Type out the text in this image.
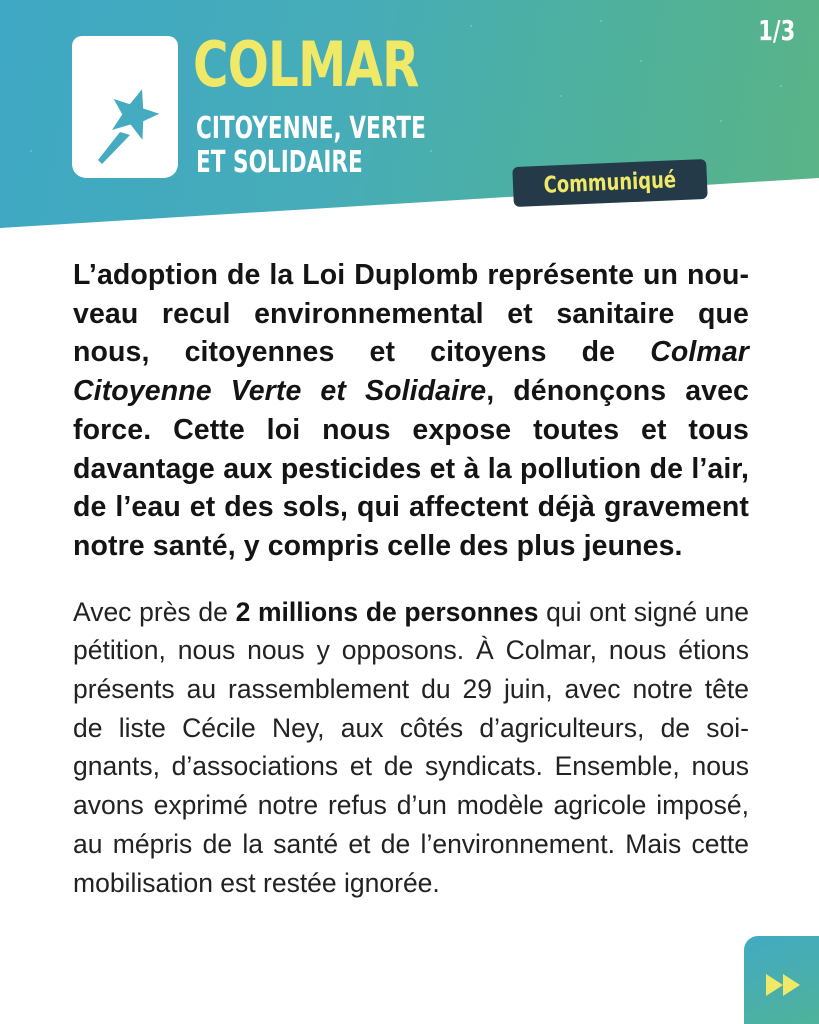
COLMAR
CITOYENNE, VERTE
ET SOLIDAIRE
1/3
Communiqué

L’adoption de la Loi Duplomb représente un nouveau recul environnemental et sanitaire que nous, citoyennes et citoyens de Colmar Citoyenne Verte et Solidaire, dénonçons avec force. Cette loi nous expose toutes et tous davantage aux pesticides et à la pollution de l’air, de l’eau et des sols, qui affectent déjà gravement notre santé, y compris celle des plus jeunes.

Avec près de 2 millions de personnes qui ont signé une pétition, nous nous y opposons. À Colmar, nous étions présents au rassemblement du 29 juin, avec notre tête de liste Cécile Ney, aux côtés d’agriculteurs, de soignants, d’associations et de syndicats. Ensemble, nous avons exprimé notre refus d’un modèle agricole imposé, au mépris de la santé et de l’environnement. Mais cette mobilisation est restée ignorée.
